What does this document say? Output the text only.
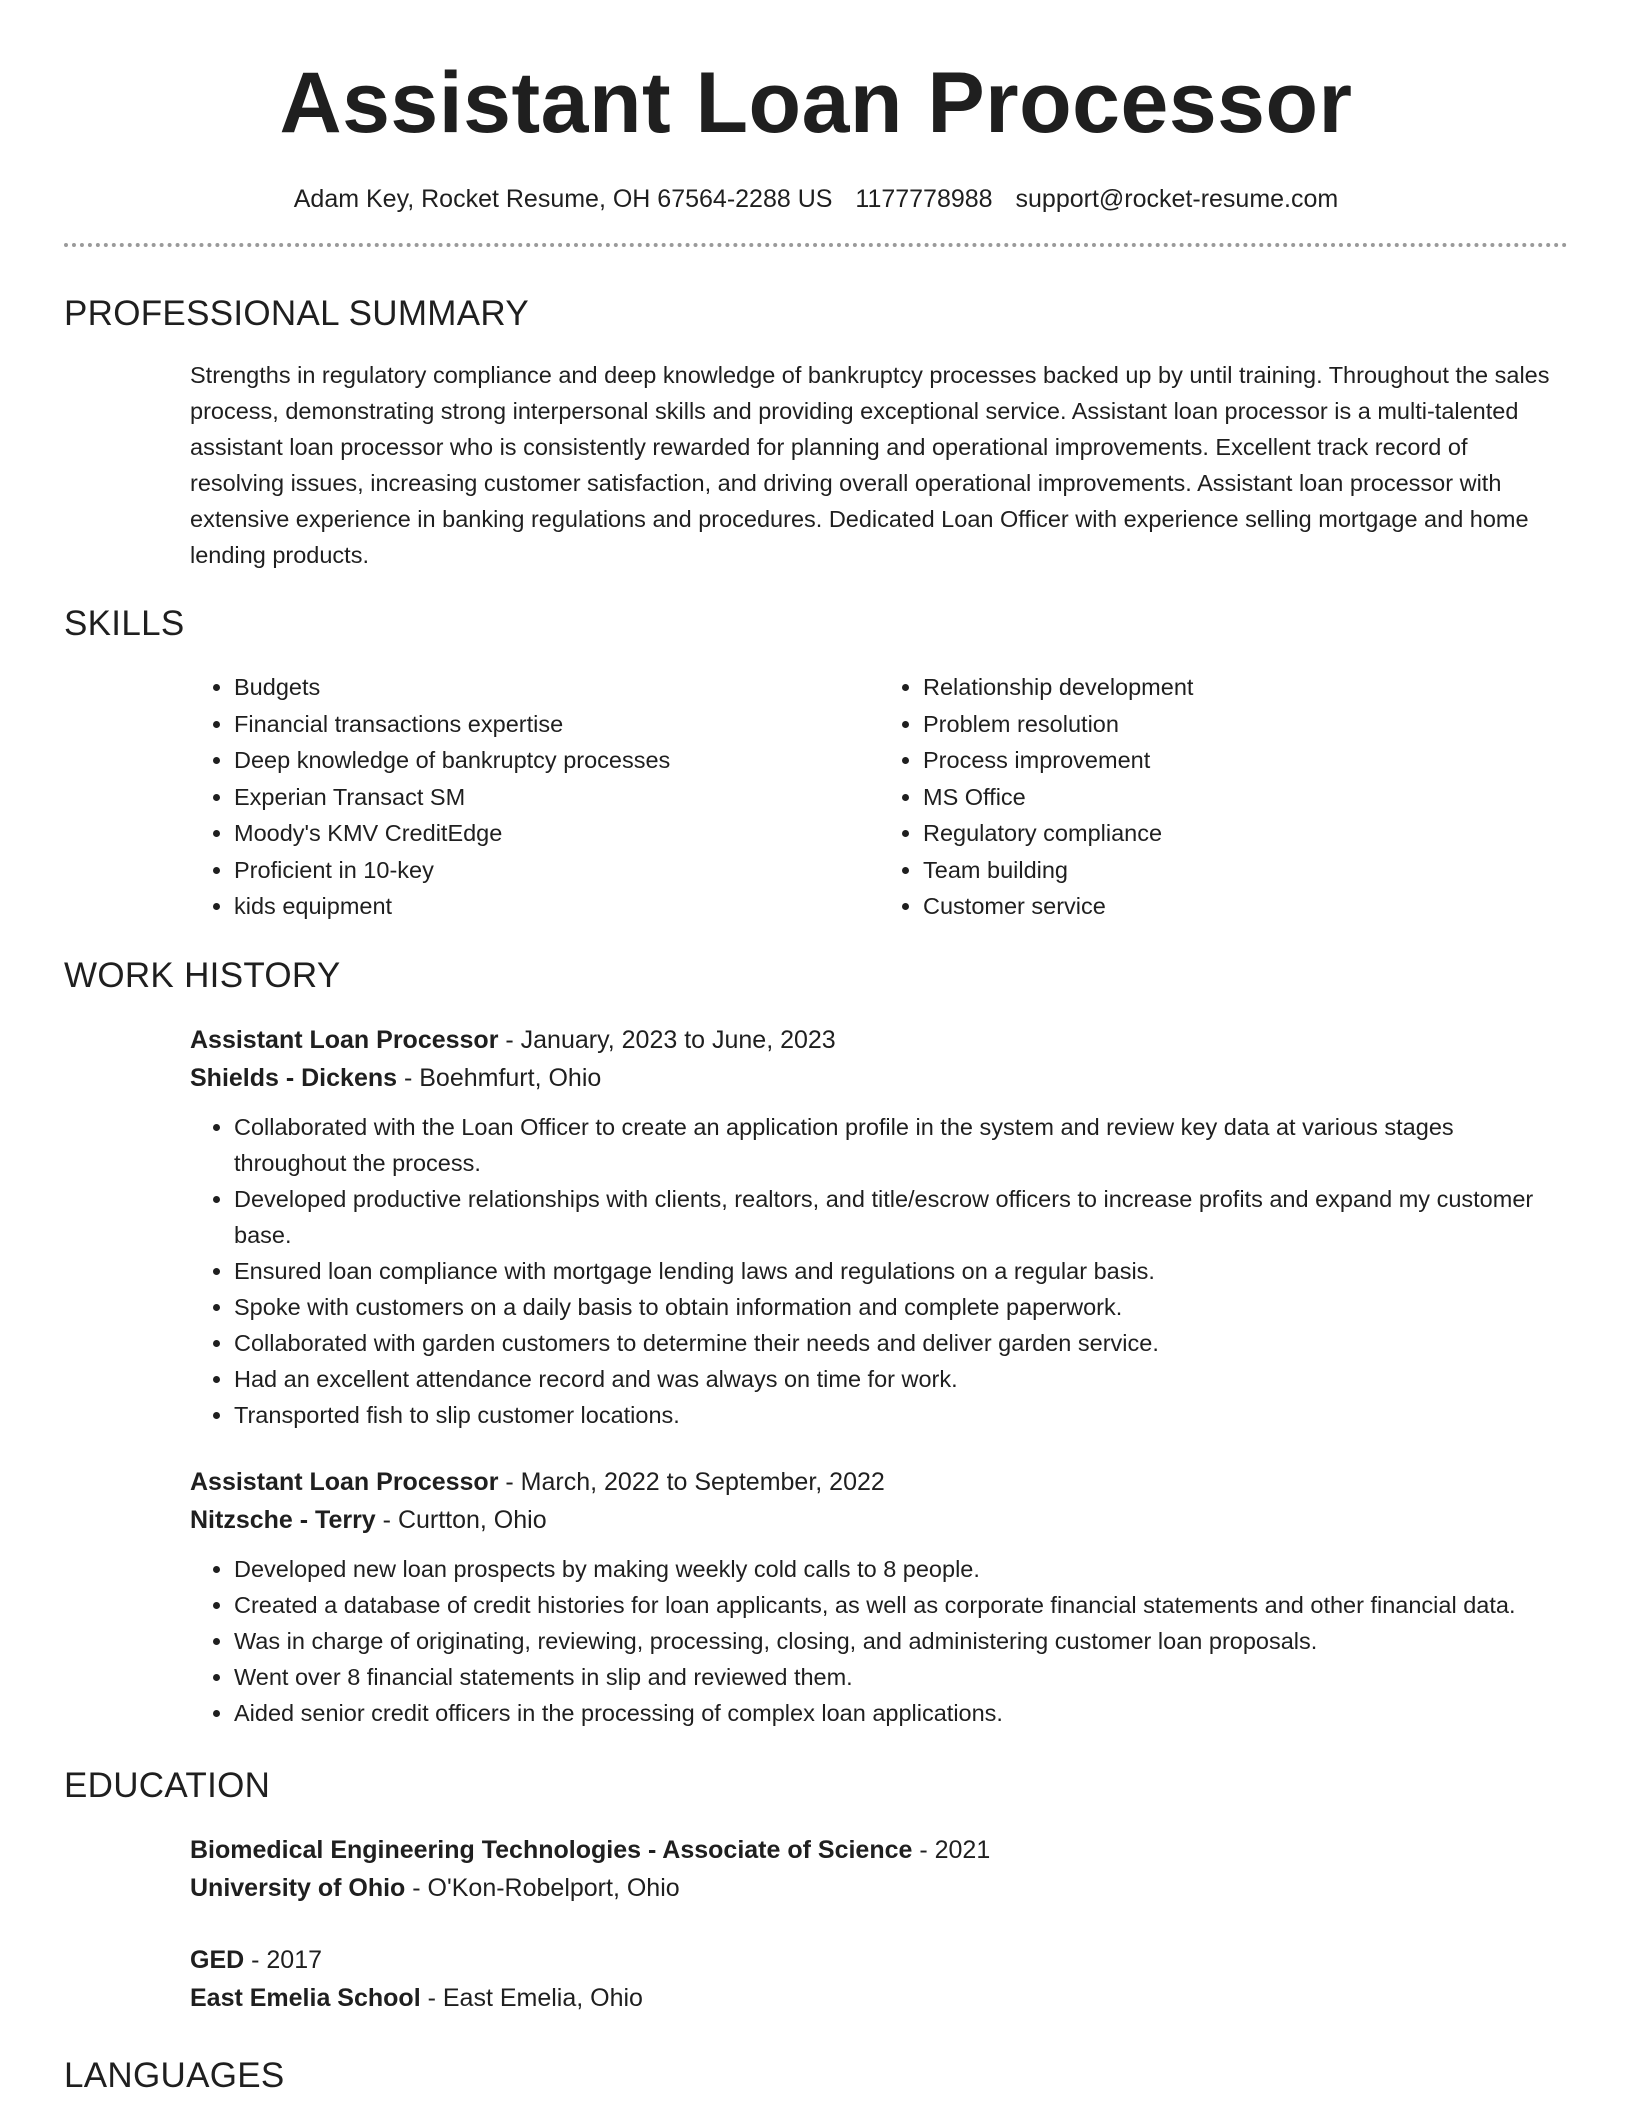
Assistant Loan Processor
Adam Key, Rocket Resume, OH 67564-2288 US 1177778988 support@rocket-resume.com
PROFESSIONAL SUMMARY
Strengths in regulatory compliance and deep knowledge of bankruptcy processes backed up by until training. Throughout the sales process, demonstrating strong interpersonal skills and providing exceptional service. Assistant loan processor is a multi-talented assistant loan processor who is consistently rewarded for planning and operational improvements. Excellent track record of resolving issues, increasing customer satisfaction, and driving overall operational improvements. Assistant loan processor with extensive experience in banking regulations and procedures. Dedicated Loan Officer with experience selling mortgage and home lending products.
SKILLS
• Budgets
• Financial transactions expertise
• Deep knowledge of bankruptcy processes
• Experian Transact SM
• Moody's KMV CreditEdge
• Proficient in 10-key
• kids equipment
• Relationship development
• Problem resolution
• Process improvement
• MS Office
• Regulatory compliance
• Team building
• Customer service
WORK HISTORY
Assistant Loan Processor - January, 2023 to June, 2023
Shields - Dickens - Boehmfurt, Ohio
• Collaborated with the Loan Officer to create an application profile in the system and review key data at various stages throughout the process.
• Developed productive relationships with clients, realtors, and title/escrow officers to increase profits and expand my customer base.
• Ensured loan compliance with mortgage lending laws and regulations on a regular basis.
• Spoke with customers on a daily basis to obtain information and complete paperwork.
• Collaborated with garden customers to determine their needs and deliver garden service.
• Had an excellent attendance record and was always on time for work.
• Transported fish to slip customer locations.
Assistant Loan Processor - March, 2022 to September, 2022
Nitzsche - Terry - Curtton, Ohio
• Developed new loan prospects by making weekly cold calls to 8 people.
• Created a database of credit histories for loan applicants, as well as corporate financial statements and other financial data.
• Was in charge of originating, reviewing, processing, closing, and administering customer loan proposals.
• Went over 8 financial statements in slip and reviewed them.
• Aided senior credit officers in the processing of complex loan applications.
EDUCATION
Biomedical Engineering Technologies - Associate of Science - 2021
University of Ohio - O'Kon-Robelport, Ohio
GED - 2017
East Emelia School - East Emelia, Ohio
LANGUAGES
